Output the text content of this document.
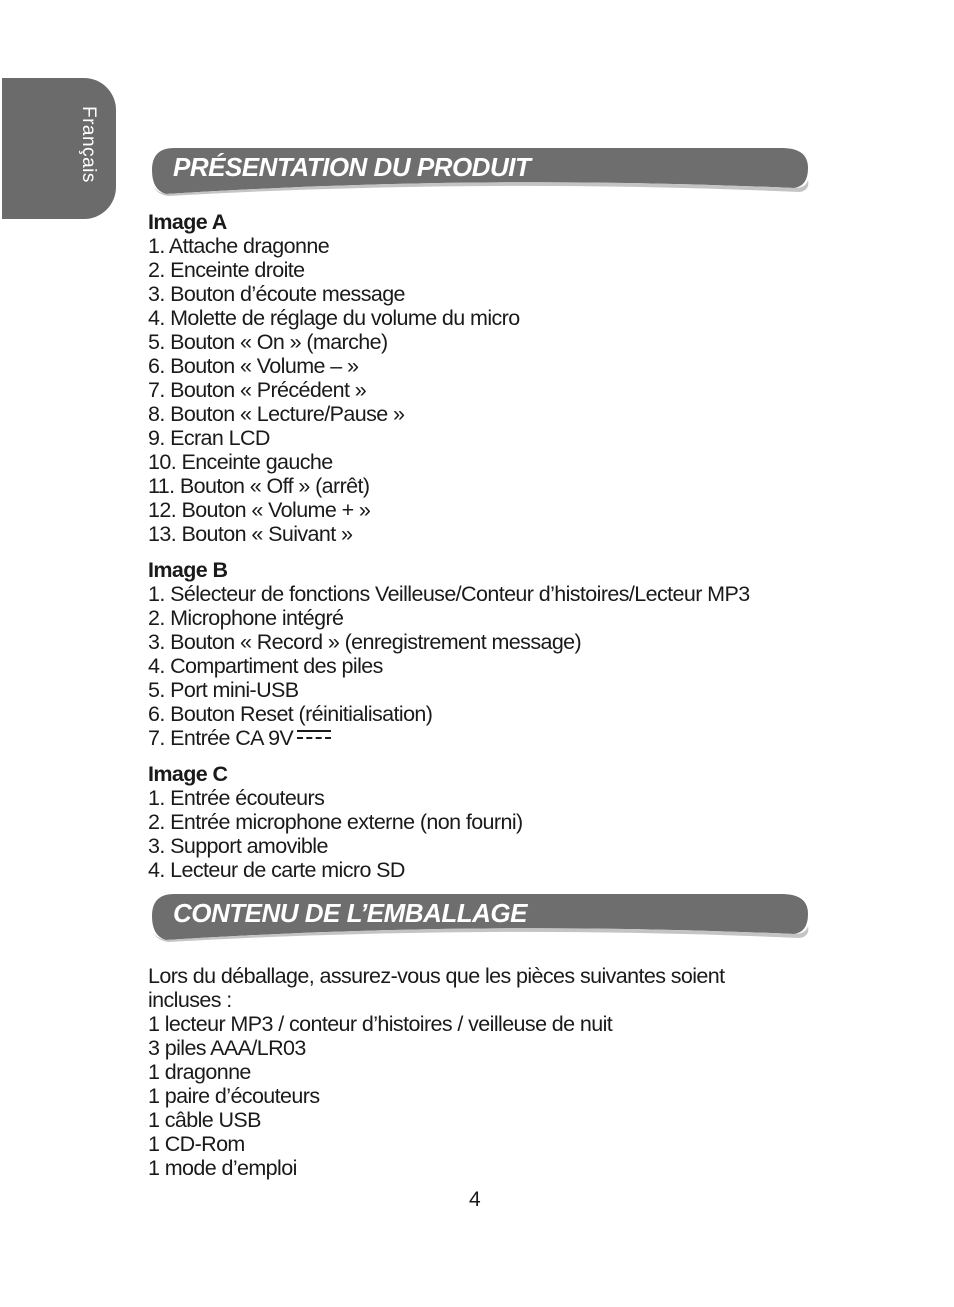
Français	PRÉSENTATION DU PRODUIT
Image A
1. Attache dragonne
2. Enceinte droite
3. Bouton d’écoute message
4. Molette de réglage du volume du micro
5. Bouton « On » (marche)
6. Bouton « Volume – »
7. Bouton « Précédent »
8. Bouton « Lecture/Pause »
9. Ecran LCD
10. Enceinte gauche
11. Bouton « Off » (arrêt)
12. Bouton « Volume + »
13. Bouton « Suivant »
Image B
1. Sélecteur de fonctions Veilleuse/Conteur d’histoires/Lecteur MP3
2. Microphone intégré
3. Bouton « Record » (enregistrement message)
4. Compartiment des piles
5. Port mini-USB
6. Bouton Reset (réinitialisation)
7. Entrée CA 9V
Image C
1. Entrée écouteurs
2. Entrée microphone externe (non fourni)
3. Support amovible
4. Lecteur de carte micro SD
CONTENU DE L’EMBALLAGE
Lors du déballage, assurez-vous que les pièces suivantes soient
incluses :
1 lecteur MP3 / conteur d’histoires / veilleuse de nuit
3 piles AAA/LR03
1 dragonne
1 paire d’écouteurs
1 câble USB
1 CD-Rom
1 mode d’emploi
4
